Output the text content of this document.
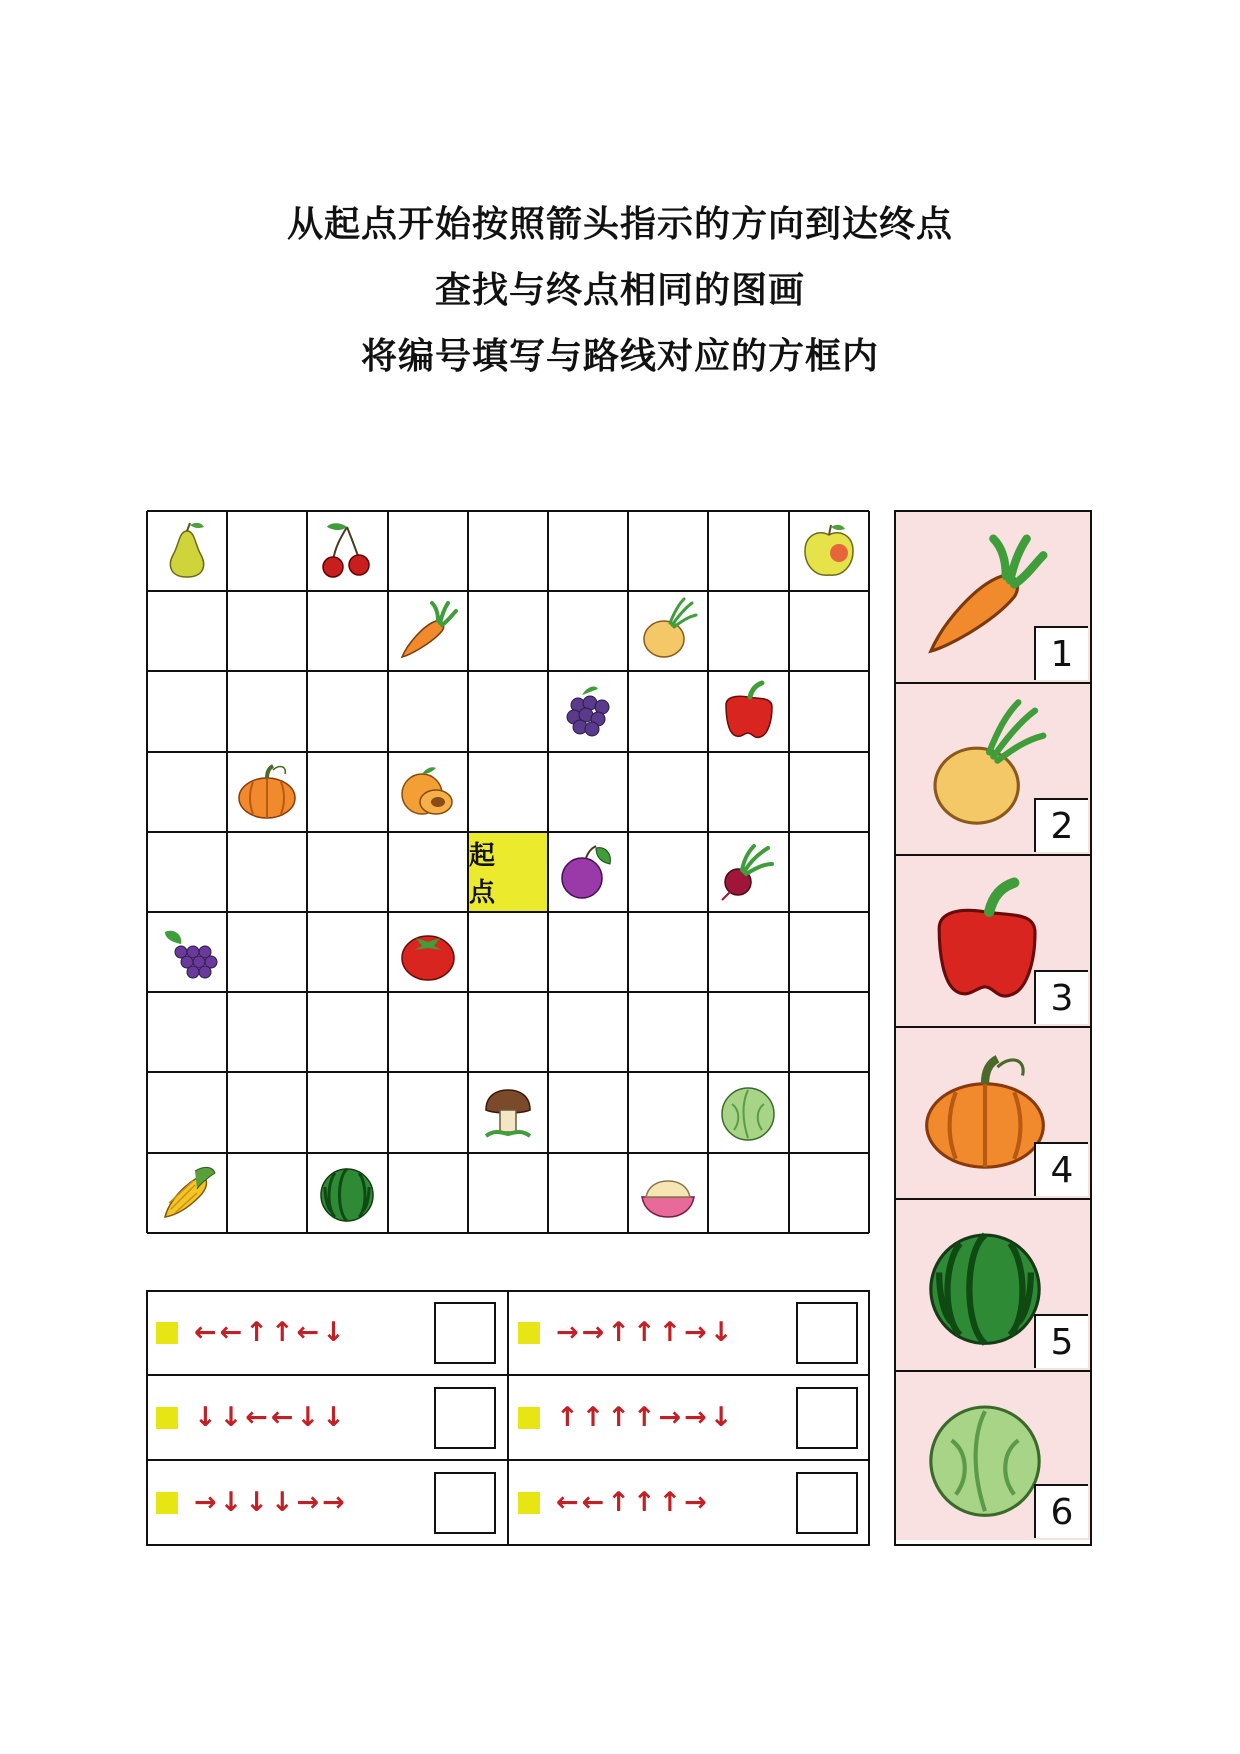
从起点开始按照箭头指示的方向到达终点
查找与终点相同的图画
将编号填写与路线对应的方框内
起 点
←←↑↑←↓	→→↑↑↑→↓
↓↓←←↓↓	↑↑↑↑→→↓
→↓↓↓→→	←←↑↑↑→
1
2
3
4
5
6
